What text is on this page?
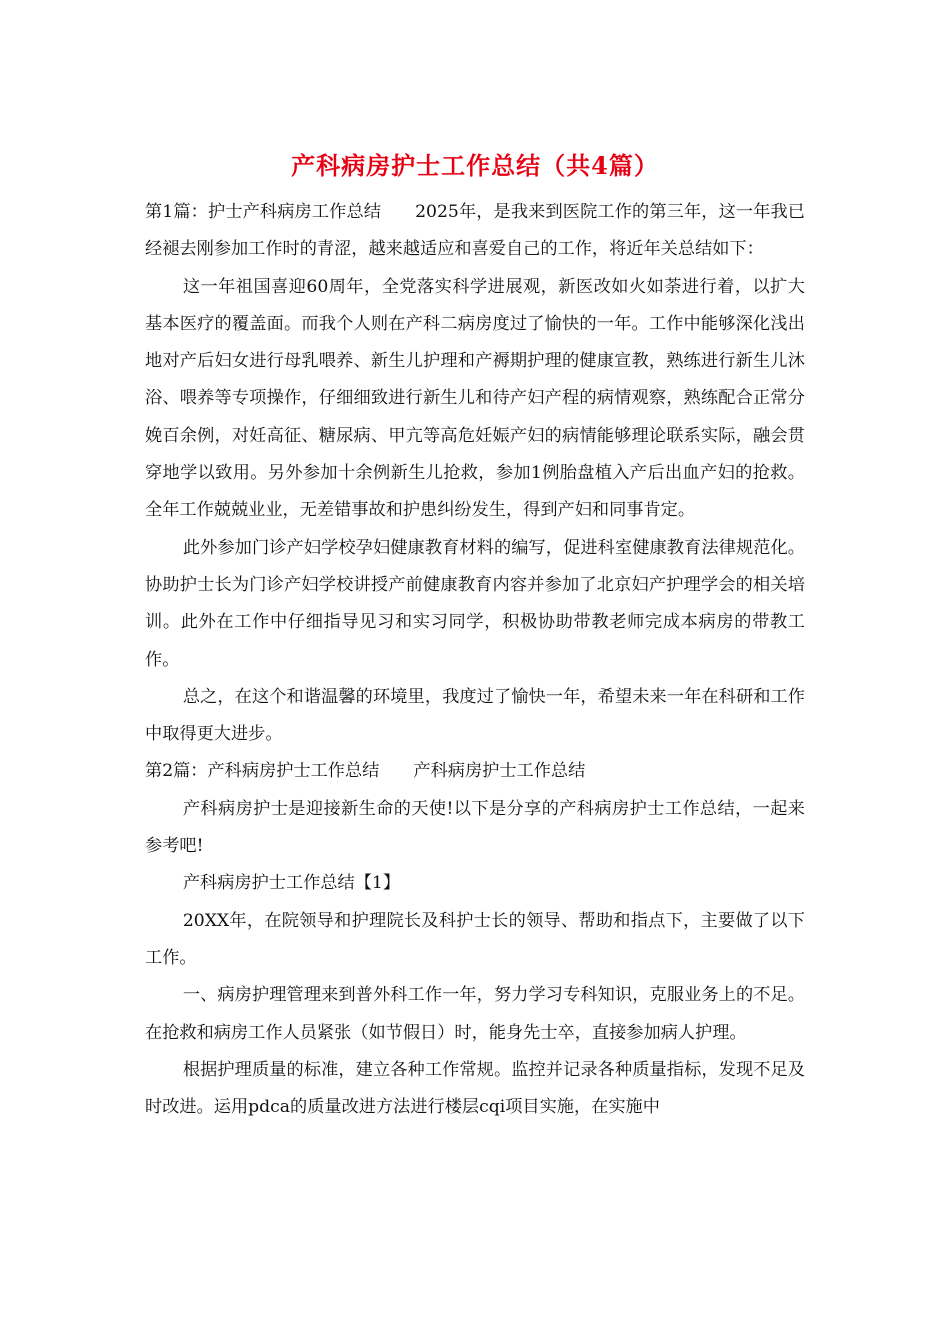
产科病房护士工作总结（共4篇）

第1篇：护士产科病房工作总结 2025年，是我来到医院工作的第三年，这一年我已经褪去刚参加工作时的青涩，越来越适应和喜爱自己的工作，将近年关总结如下：

这一年祖国喜迎60周年，全党落实科学进展观，新医改如火如荼进行着，以扩大基本医疗的覆盖面。而我个人则在产科二病房度过了愉快的一年。工作中能够深化浅出地对产后妇女进行母乳喂养、新生儿护理和产褥期护理的健康宣教，熟练进行新生儿沐浴、喂养等专项操作，仔细细致进行新生儿和待产妇产程的病情观察，熟练配合正常分娩百余例，对妊高征、糖尿病、甲亢等高危妊娠产妇的病情能够理论联系实际，融会贯穿地学以致用。另外参加十余例新生儿抢救，参加1例胎盘植入产后出血产妇的抢救。全年工作兢兢业业，无差错事故和护患纠纷发生，得到产妇和同事肯定。

此外参加门诊产妇学校孕妇健康教育材料的编写，促进科室健康教育法律规范化。协助护士长为门诊产妇学校讲授产前健康教育内容并参加了北京妇产护理学会的相关培训。此外在工作中仔细指导见习和实习同学，积极协助带教老师完成本病房的带教工作。

总之，在这个和谐温馨的环境里，我度过了愉快一年，希望未来一年在科研和工作中取得更大进步。

第2篇：产科病房护士工作总结 产科病房护士工作总结

产科病房护士是迎接新生命的天使!以下是分享的产科病房护士工作总结，一起来参考吧!

产科病房护士工作总结【1】

20XX年，在院领导和护理院长及科护士长的领导、帮助和指点下，主要做了以下工作。

一、病房护理管理来到普外科工作一年，努力学习专科知识，克服业务上的不足。在抢救和病房工作人员紧张（如节假日）时，能身先士卒，直接参加病人护理。

根据护理质量的标准，建立各种工作常规。监控并记录各种质量指标，发现不足及时改进。运用pdca的质量改进方法进行楼层cqi项目实施，在实施中
